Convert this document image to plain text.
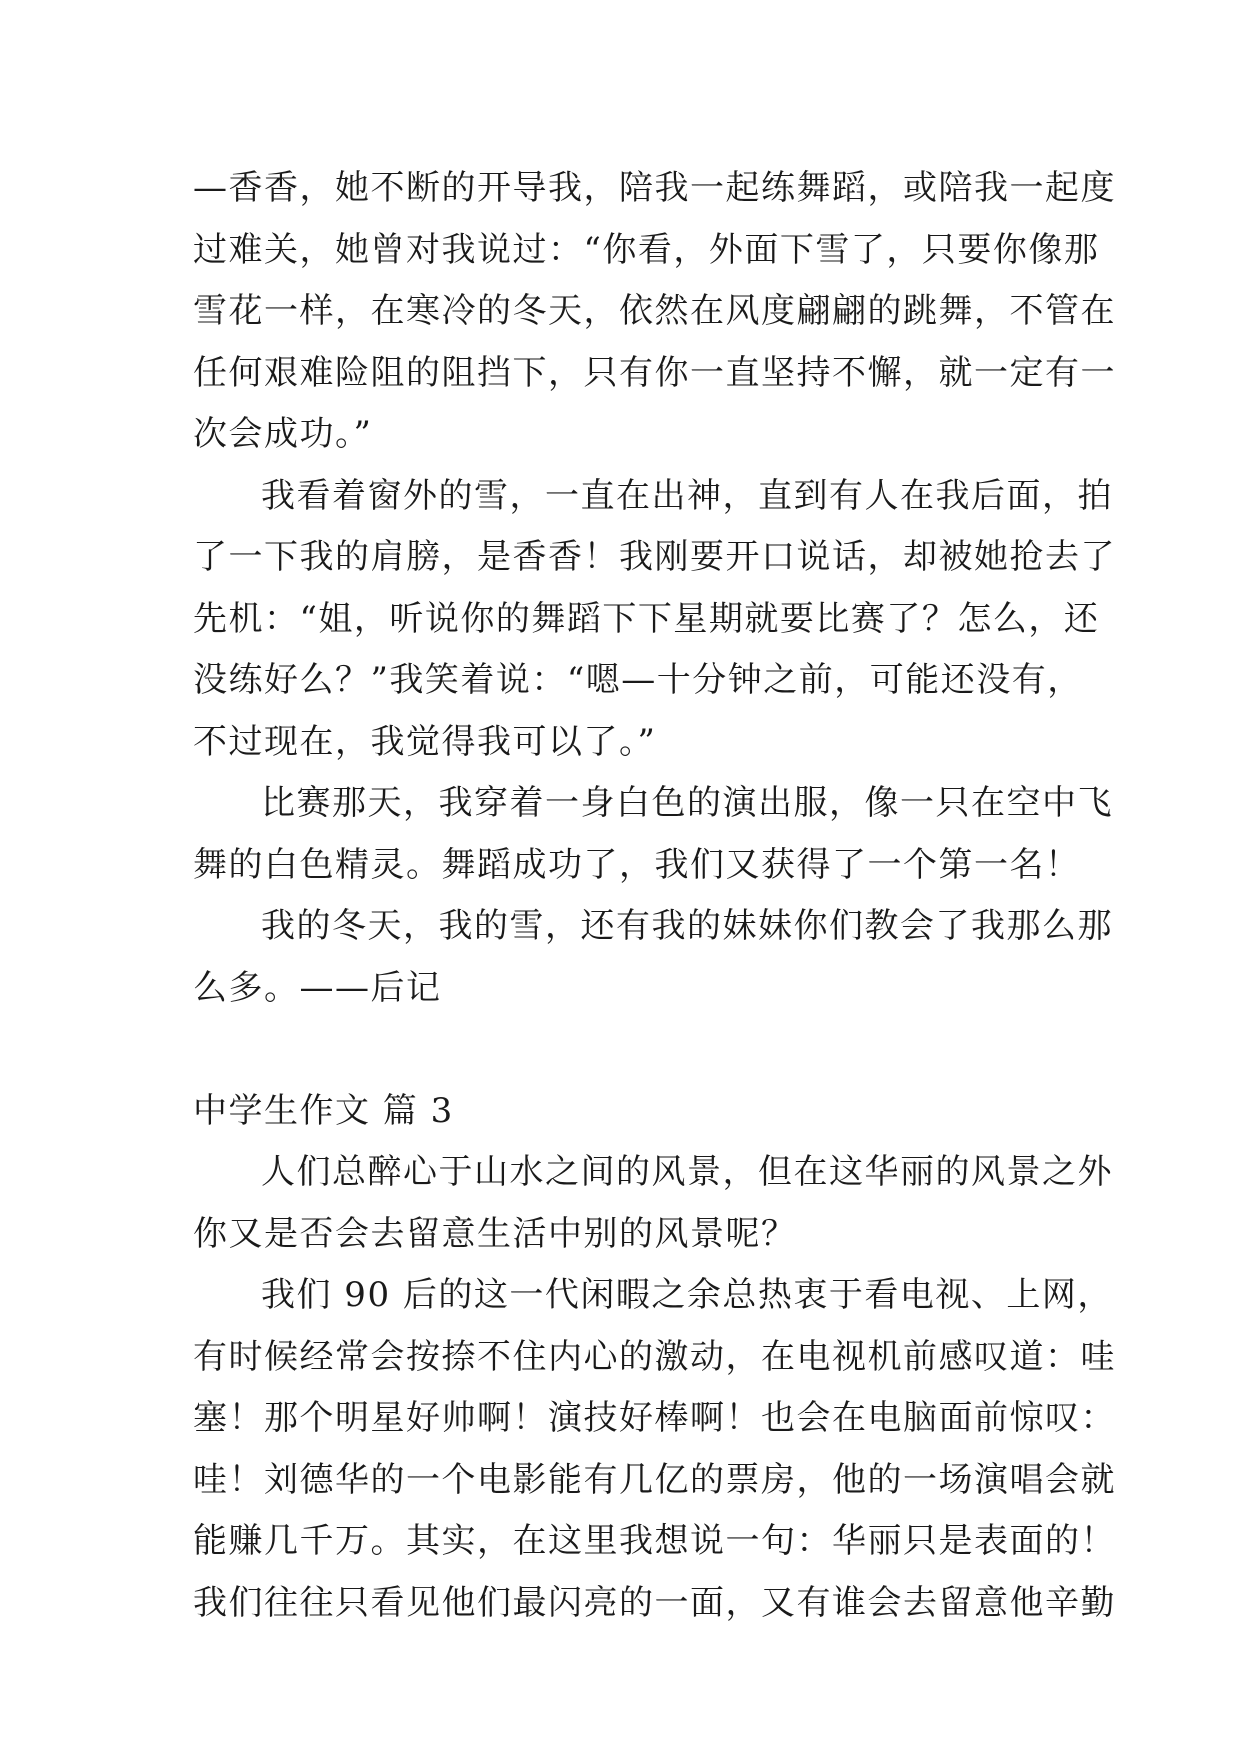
—香香，她不断的开导我，陪我一起练舞蹈，或陪我一起度
过难关，她曾对我说过：“你看，外面下雪了，只要你像那
雪花一样，在寒冷的冬天，依然在风度翩翩的跳舞，不管在
任何艰难险阻的阻挡下，只有你一直坚持不懈，就一定有一
次会成功。”
我看着窗外的雪，一直在出神，直到有人在我后面，拍
了一下我的肩膀，是香香！我刚要开口说话，却被她抢去了
先机：“姐，听说你的舞蹈下下星期就要比赛了？怎么，还
没练好么？”我笑着说：“嗯—十分钟之前，可能还没有，
不过现在，我觉得我可以了。”
比赛那天，我穿着一身白色的演出服，像一只在空中飞
舞的白色精灵。舞蹈成功了，我们又获得了一个第一名！
我的冬天，我的雪，还有我的妹妹你们教会了我那么那
么多。——后记
中学生作文 篇 3
人们总醉心于山水之间的风景，但在这华丽的风景之外
你又是否会去留意生活中别的风景呢？
我们 90 后的这一代闲暇之余总热衷于看电视、上网，
有时候经常会按捺不住内心的激动，在电视机前感叹道：哇
塞！那个明星好帅啊！演技好棒啊！也会在电脑面前惊叹：
哇！刘德华的一个电影能有几亿的票房，他的一场演唱会就
能赚几千万。其实，在这里我想说一句：华丽只是表面的！
我们往往只看见他们最闪亮的一面，又有谁会去留意他辛勤
